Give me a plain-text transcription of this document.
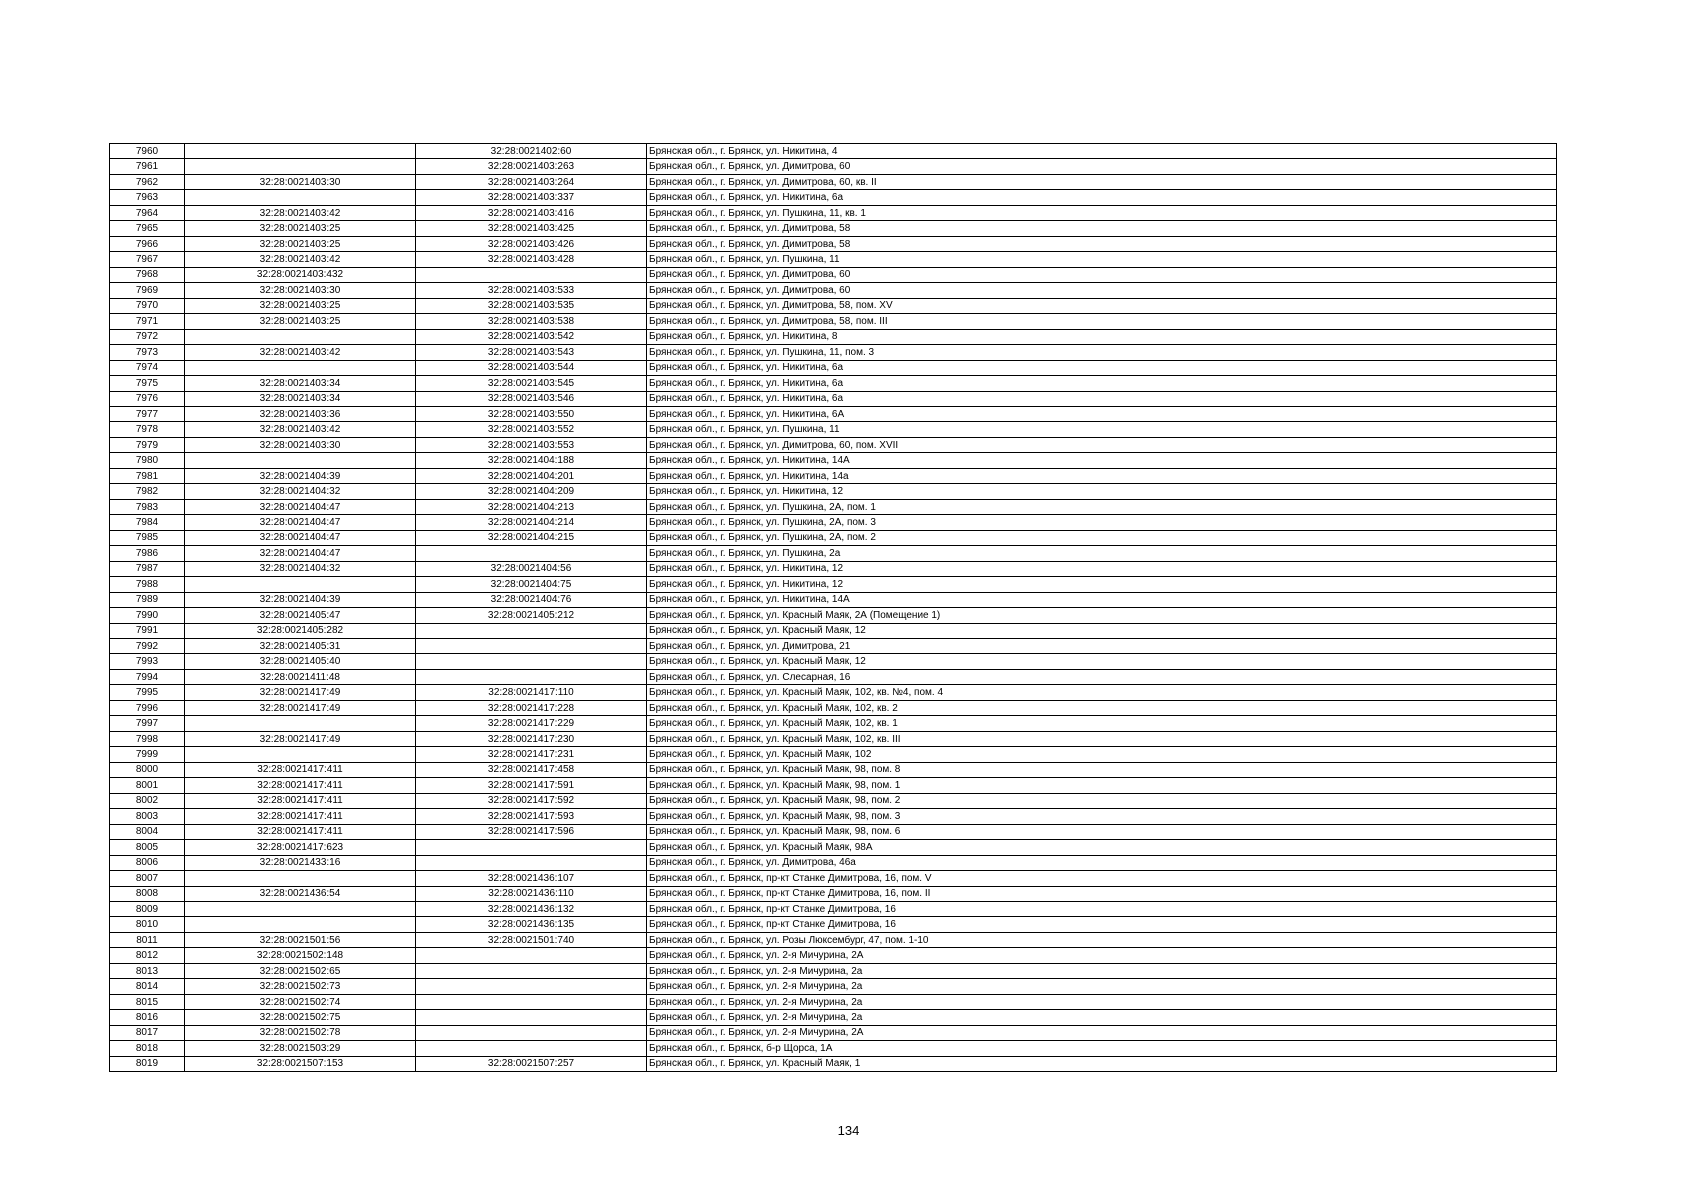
7960		32:28:0021402:60	Брянская обл., г. Брянск, ул. Никитина, 4
7961		32:28:0021403:263	Брянская обл., г. Брянск, ул. Димитрова, 60
7962	32:28:0021403:30	32:28:0021403:264	Брянская обл., г. Брянск, ул. Димитрова, 60, кв. II
7963		32:28:0021403:337	Брянская обл., г. Брянск, ул. Никитина, 6а
7964	32:28:0021403:42	32:28:0021403:416	Брянская обл., г. Брянск, ул. Пушкина, 11, кв. 1
7965	32:28:0021403:25	32:28:0021403:425	Брянская обл., г. Брянск, ул. Димитрова, 58
7966	32:28:0021403:25	32:28:0021403:426	Брянская обл., г. Брянск, ул. Димитрова, 58
7967	32:28:0021403:42	32:28:0021403:428	Брянская обл., г. Брянск, ул. Пушкина, 11
7968	32:28:0021403:432		Брянская обл., г. Брянск, ул. Димитрова, 60
7969	32:28:0021403:30	32:28:0021403:533	Брянская обл., г. Брянск, ул. Димитрова, 60
7970	32:28:0021403:25	32:28:0021403:535	Брянская обл., г. Брянск, ул. Димитрова, 58, пом. XV
7971	32:28:0021403:25	32:28:0021403:538	Брянская обл., г. Брянск, ул. Димитрова, 58, пом. III
7972		32:28:0021403:542	Брянская обл., г. Брянск, ул. Никитина, 8
7973	32:28:0021403:42	32:28:0021403:543	Брянская обл., г. Брянск, ул. Пушкина, 11, пом. 3
7974		32:28:0021403:544	Брянская обл., г. Брянск, ул. Никитина, 6а
7975	32:28:0021403:34	32:28:0021403:545	Брянская обл., г. Брянск, ул. Никитина, 6а
7976	32:28:0021403:34	32:28:0021403:546	Брянская обл., г. Брянск, ул. Никитина, 6а
7977	32:28:0021403:36	32:28:0021403:550	Брянская обл., г. Брянск, ул. Никитина, 6А
7978	32:28:0021403:42	32:28:0021403:552	Брянская обл., г. Брянск, ул. Пушкина, 11
7979	32:28:0021403:30	32:28:0021403:553	Брянская обл., г. Брянск, ул. Димитрова, 60, пом. XVII
7980		32:28:0021404:188	Брянская обл., г. Брянск, ул. Никитина, 14А
7981	32:28:0021404:39	32:28:0021404:201	Брянская обл., г. Брянск, ул. Никитина, 14а
7982	32:28:0021404:32	32:28:0021404:209	Брянская обл., г. Брянск, ул. Никитина, 12
7983	32:28:0021404:47	32:28:0021404:213	Брянская обл., г. Брянск, ул. Пушкина, 2А, пом. 1
7984	32:28:0021404:47	32:28:0021404:214	Брянская обл., г. Брянск, ул. Пушкина, 2А, пом. 3
7985	32:28:0021404:47	32:28:0021404:215	Брянская обл., г. Брянск, ул. Пушкина, 2А, пом. 2
7986	32:28:0021404:47		Брянская обл., г. Брянск, ул. Пушкина, 2а
7987	32:28:0021404:32	32:28:0021404:56	Брянская обл., г. Брянск, ул. Никитина, 12
7988		32:28:0021404:75	Брянская обл., г. Брянск, ул. Никитина, 12
7989	32:28:0021404:39	32:28:0021404:76	Брянская обл., г. Брянск, ул. Никитина, 14А
7990	32:28:0021405:47	32:28:0021405:212	Брянская обл., г. Брянск, ул. Красный Маяк, 2А (Помещение 1)
7991	32:28:0021405:282		Брянская обл., г. Брянск, ул. Красный Маяк, 12
7992	32:28:0021405:31		Брянская обл., г. Брянск, ул. Димитрова, 21
7993	32:28:0021405:40		Брянская обл., г. Брянск, ул. Красный Маяк, 12
7994	32:28:0021411:48		Брянская обл., г. Брянск, ул. Слесарная, 16
7995	32:28:0021417:49	32:28:0021417:110	Брянская обл., г. Брянск, ул. Красный Маяк, 102, кв. №4, пом. 4
7996	32:28:0021417:49	32:28:0021417:228	Брянская обл., г. Брянск, ул. Красный Маяк, 102, кв. 2
7997		32:28:0021417:229	Брянская обл., г. Брянск, ул. Красный Маяк, 102, кв. 1
7998	32:28:0021417:49	32:28:0021417:230	Брянская обл., г. Брянск, ул. Красный Маяк, 102, кв. III
7999		32:28:0021417:231	Брянская обл., г. Брянск, ул. Красный Маяк, 102
8000	32:28:0021417:411	32:28:0021417:458	Брянская обл., г. Брянск, ул. Красный Маяк, 98, пом. 8
8001	32:28:0021417:411	32:28:0021417:591	Брянская обл., г. Брянск, ул. Красный Маяк, 98, пом. 1
8002	32:28:0021417:411	32:28:0021417:592	Брянская обл., г. Брянск, ул. Красный Маяк, 98, пом. 2
8003	32:28:0021417:411	32:28:0021417:593	Брянская обл., г. Брянск, ул. Красный Маяк, 98, пом. 3
8004	32:28:0021417:411	32:28:0021417:596	Брянская обл., г. Брянск, ул. Красный Маяк, 98, пом. 6
8005	32:28:0021417:623		Брянская обл., г. Брянск, ул. Красный Маяк, 98А
8006	32:28:0021433:16		Брянская обл., г. Брянск, ул. Димитрова, 46а
8007		32:28:0021436:107	Брянская обл., г. Брянск, пр-кт Станке Димитрова, 16, пом. V
8008	32:28:0021436:54	32:28:0021436:110	Брянская обл., г. Брянск, пр-кт Станке Димитрова, 16, пом. II
8009		32:28:0021436:132	Брянская обл., г. Брянск, пр-кт Станке Димитрова, 16
8010		32:28:0021436:135	Брянская обл., г. Брянск, пр-кт Станке Димитрова, 16
8011	32:28:0021501:56	32:28:0021501:740	Брянская обл., г. Брянск, ул. Розы Люксембург, 47, пом. 1-10
8012	32:28:0021502:148		Брянская обл., г. Брянск, ул. 2-я Мичурина, 2А
8013	32:28:0021502:65		Брянская обл., г. Брянск, ул. 2-я Мичурина, 2а
8014	32:28:0021502:73		Брянская обл., г. Брянск, ул. 2-я Мичурина, 2а
8015	32:28:0021502:74		Брянская обл., г. Брянск, ул. 2-я Мичурина, 2а
8016	32:28:0021502:75		Брянская обл., г. Брянск, ул. 2-я Мичурина, 2а
8017	32:28:0021502:78		Брянская обл., г. Брянск, ул. 2-я Мичурина, 2А
8018	32:28:0021503:29		Брянская обл., г. Брянск, б-р Щорса, 1А
8019	32:28:0021507:153	32:28:0021507:257	Брянская обл., г. Брянск, ул. Красный Маяк, 1
134
